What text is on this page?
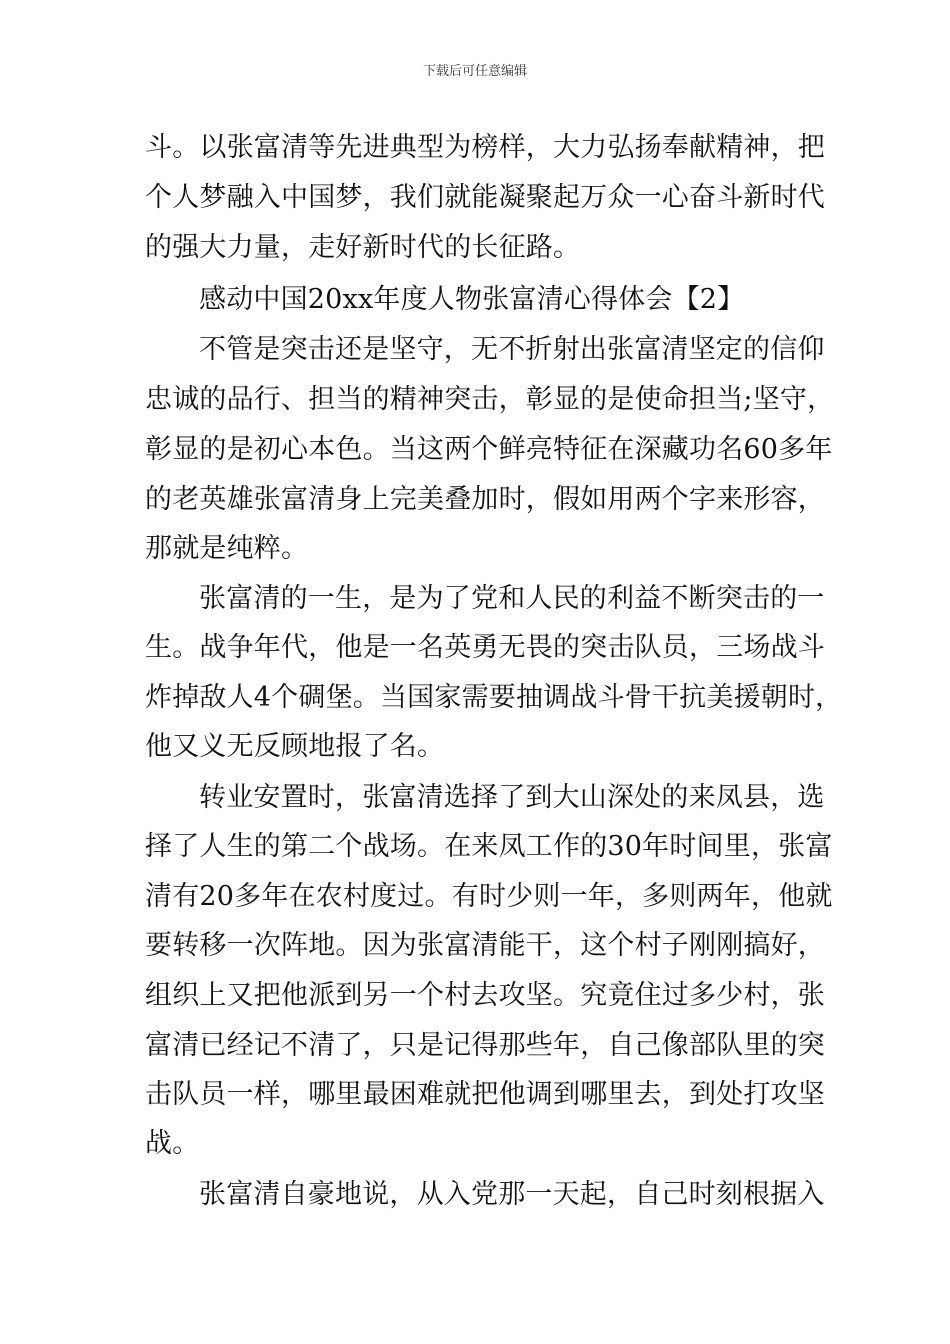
下载后可任意编辑
斗。以张富清等先进典型为榜样，大力弘扬奉献精神，把
个人梦融入中国梦，我们就能凝聚起万众一心奋斗新时代
的强大力量，走好新时代的长征路。
感动中国20xx年度人物张富清心得体会【2】
不管是突击还是坚守，无不折射出张富清坚定的信仰
忠诚的品行、担当的精神突击，彰显的是使命担当;坚守，
彰显的是初心本色。当这两个鲜亮特征在深藏功名60多年
的老英雄张富清身上完美叠加时，假如用两个字来形容，
那就是纯粹。
张富清的一生，是为了党和人民的利益不断突击的一
生。战争年代，他是一名英勇无畏的突击队员，三场战斗
炸掉敌人4个碉堡。当国家需要抽调战斗骨干抗美援朝时，
他又义无反顾地报了名。
转业安置时，张富清选择了到大山深处的来凤县，选
择了人生的第二个战场。在来凤工作的30年时间里，张富
清有20多年在农村度过。有时少则一年，多则两年，他就
要转移一次阵地。因为张富清能干，这个村子刚刚搞好，
组织上又把他派到另一个村去攻坚。究竟住过多少村，张
富清已经记不清了，只是记得那些年，自己像部队里的突
击队员一样，哪里最困难就把他调到哪里去，到处打攻坚
战。
张富清自豪地说，从入党那一天起，自己时刻根据入
